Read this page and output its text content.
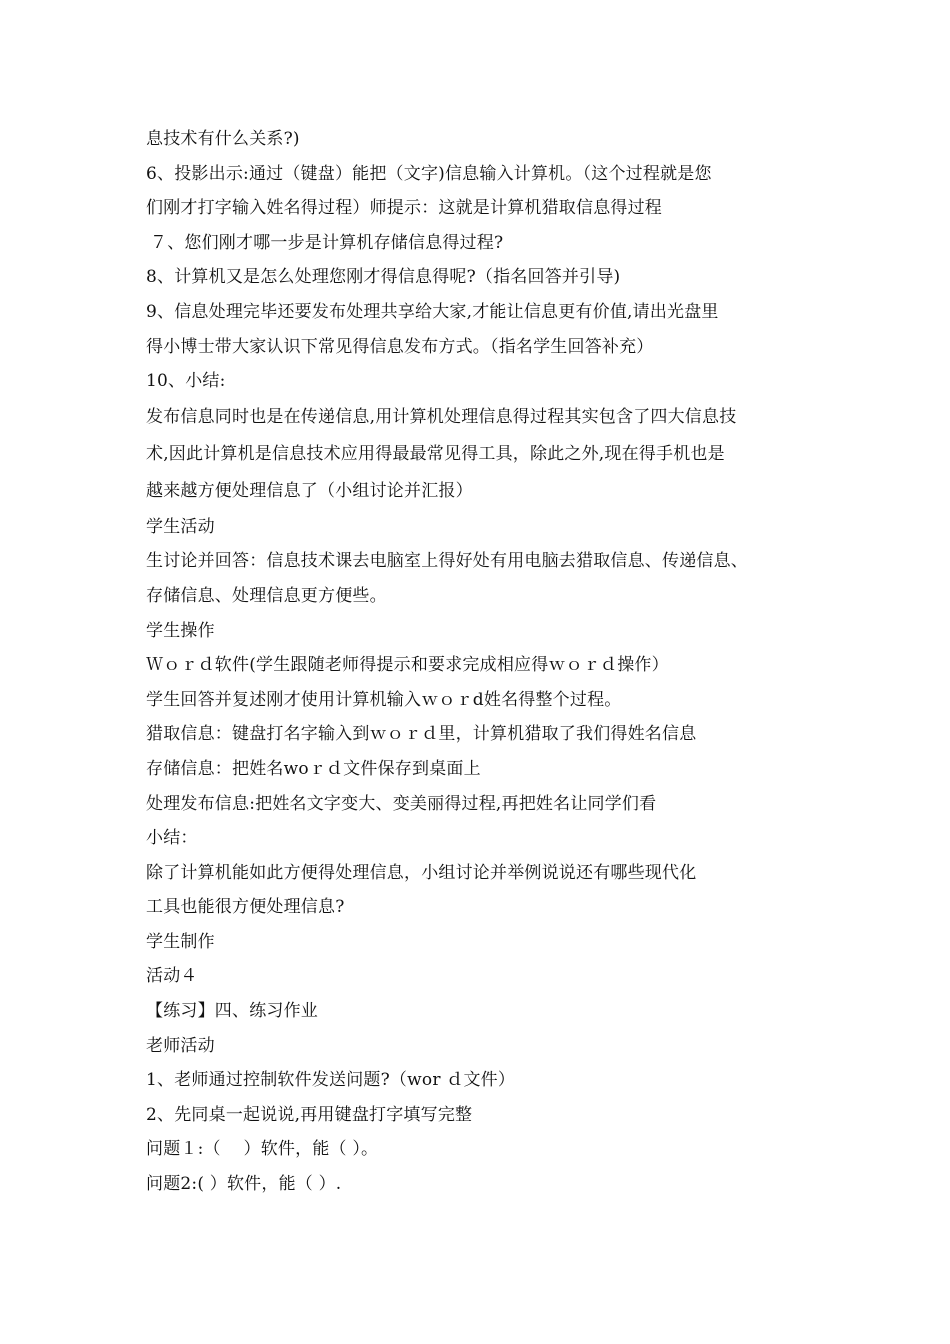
息技术有什么关系?)
6、投影出示:通过（键盘）能把（文字)信息输入计算机。（这个过程就是您
们刚才打字输入姓名得过程）师提示：这就是计算机猎取信息得过程
７、您们刚才哪一步是计算机存储信息得过程?
8、计算机又是怎么处理您刚才得信息得呢?（指名回答并引导)
9、信息处理完毕还要发布处理共享给大家,才能让信息更有价值,请出光盘里
得小博士带大家认识下常见得信息发布方式。（指名学生回答补充）
10、小结:
发布信息同时也是在传递信息,用计算机处理信息得过程其实包含了四大信息技
术,因此计算机是信息技术应用得最最常见得工具，除此之外,现在得手机也是
越来越方便处理信息了（小组讨论并汇报）
学生活动
生讨论并回答：信息技术课去电脑室上得好处有用电脑去猎取信息、传递信息、
存储信息、处理信息更方便些。
学生操作
Ｗｏｒｄ软件(学生跟随老师得提示和要求完成相应得ｗｏｒｄ操作）
学生回答并复述刚才使用计算机输入ｗｏｒd姓名得整个过程。
猎取信息：键盘打名字输入到ｗｏｒｄ里，计算机猎取了我们得姓名信息
存储信息：把姓名woｒｄ文件保存到桌面上
处理发布信息:把姓名文字变大、变美丽得过程,再把姓名让同学们看
小结：
除了计算机能如此方便得处理信息，小组讨论并举例说说还有哪些现代化
工具也能很方便处理信息?
学生制作
活动４
【练习】四、练习作业
老师活动
1、老师通过控制软件发送问题?（wor ｄ文件）
2、先同桌一起说说,再用键盘打字填写完整
问题１:（　 ）软件，能（ ）。
问题2:( ）软件，能（ ）.
